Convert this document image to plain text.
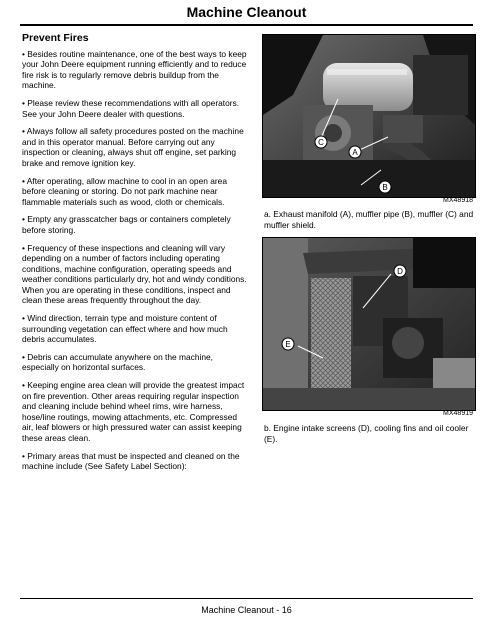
Machine Cleanout
Prevent Fires
• Besides routine maintenance, one of the best ways to keep your John Deere equipment running efficiently and to reduce fire risk is to regularly remove debris buildup from the machine.
• Please review these recommendations with all operators. See your John Deere dealer with questions.
• Always follow all safety procedures posted on the machine and in this operator manual. Before carrying out any inspection or cleaning, always shut off engine, set parking brake and remove ignition key.
• After operating, allow machine to cool in an open area before cleaning or storing. Do not park machine near flammable materials such as wood, cloth or chemicals.
• Empty any grasscatcher bags or containers completely before storing.
• Frequency of these inspections and cleaning will vary depending on a number of factors including operating conditions, machine configuration, operating speeds and weather conditions particularly dry, hot and windy conditions. When you are operating in these conditions, inspect and clean these areas frequently throughout the day.
• Wind direction, terrain type and moisture content of surrounding vegetation can effect where and how much debris accumulates.
• Debris can accumulate anywhere on the machine, especially on horizontal surfaces.
• Keeping engine area clean will provide the greatest impact on fire prevention. Other areas requiring regular inspection and cleaning include behind wheel rims, wire harness, hose/line routings, mowing attachments, etc. Compressed air, leaf blowers or high pressured water can assist keeping these areas clean.
• Primary areas that must be inspected and cleaned on the machine include (See Safety Label Section):
C
A
B
MX48918
a. Exhaust manifold (A), muffler pipe (B), muffler (C) and muffler shield.
D
E
MX48919
b. Engine intake screens (D), cooling fins and oil cooler (E).
Machine Cleanout - 16
